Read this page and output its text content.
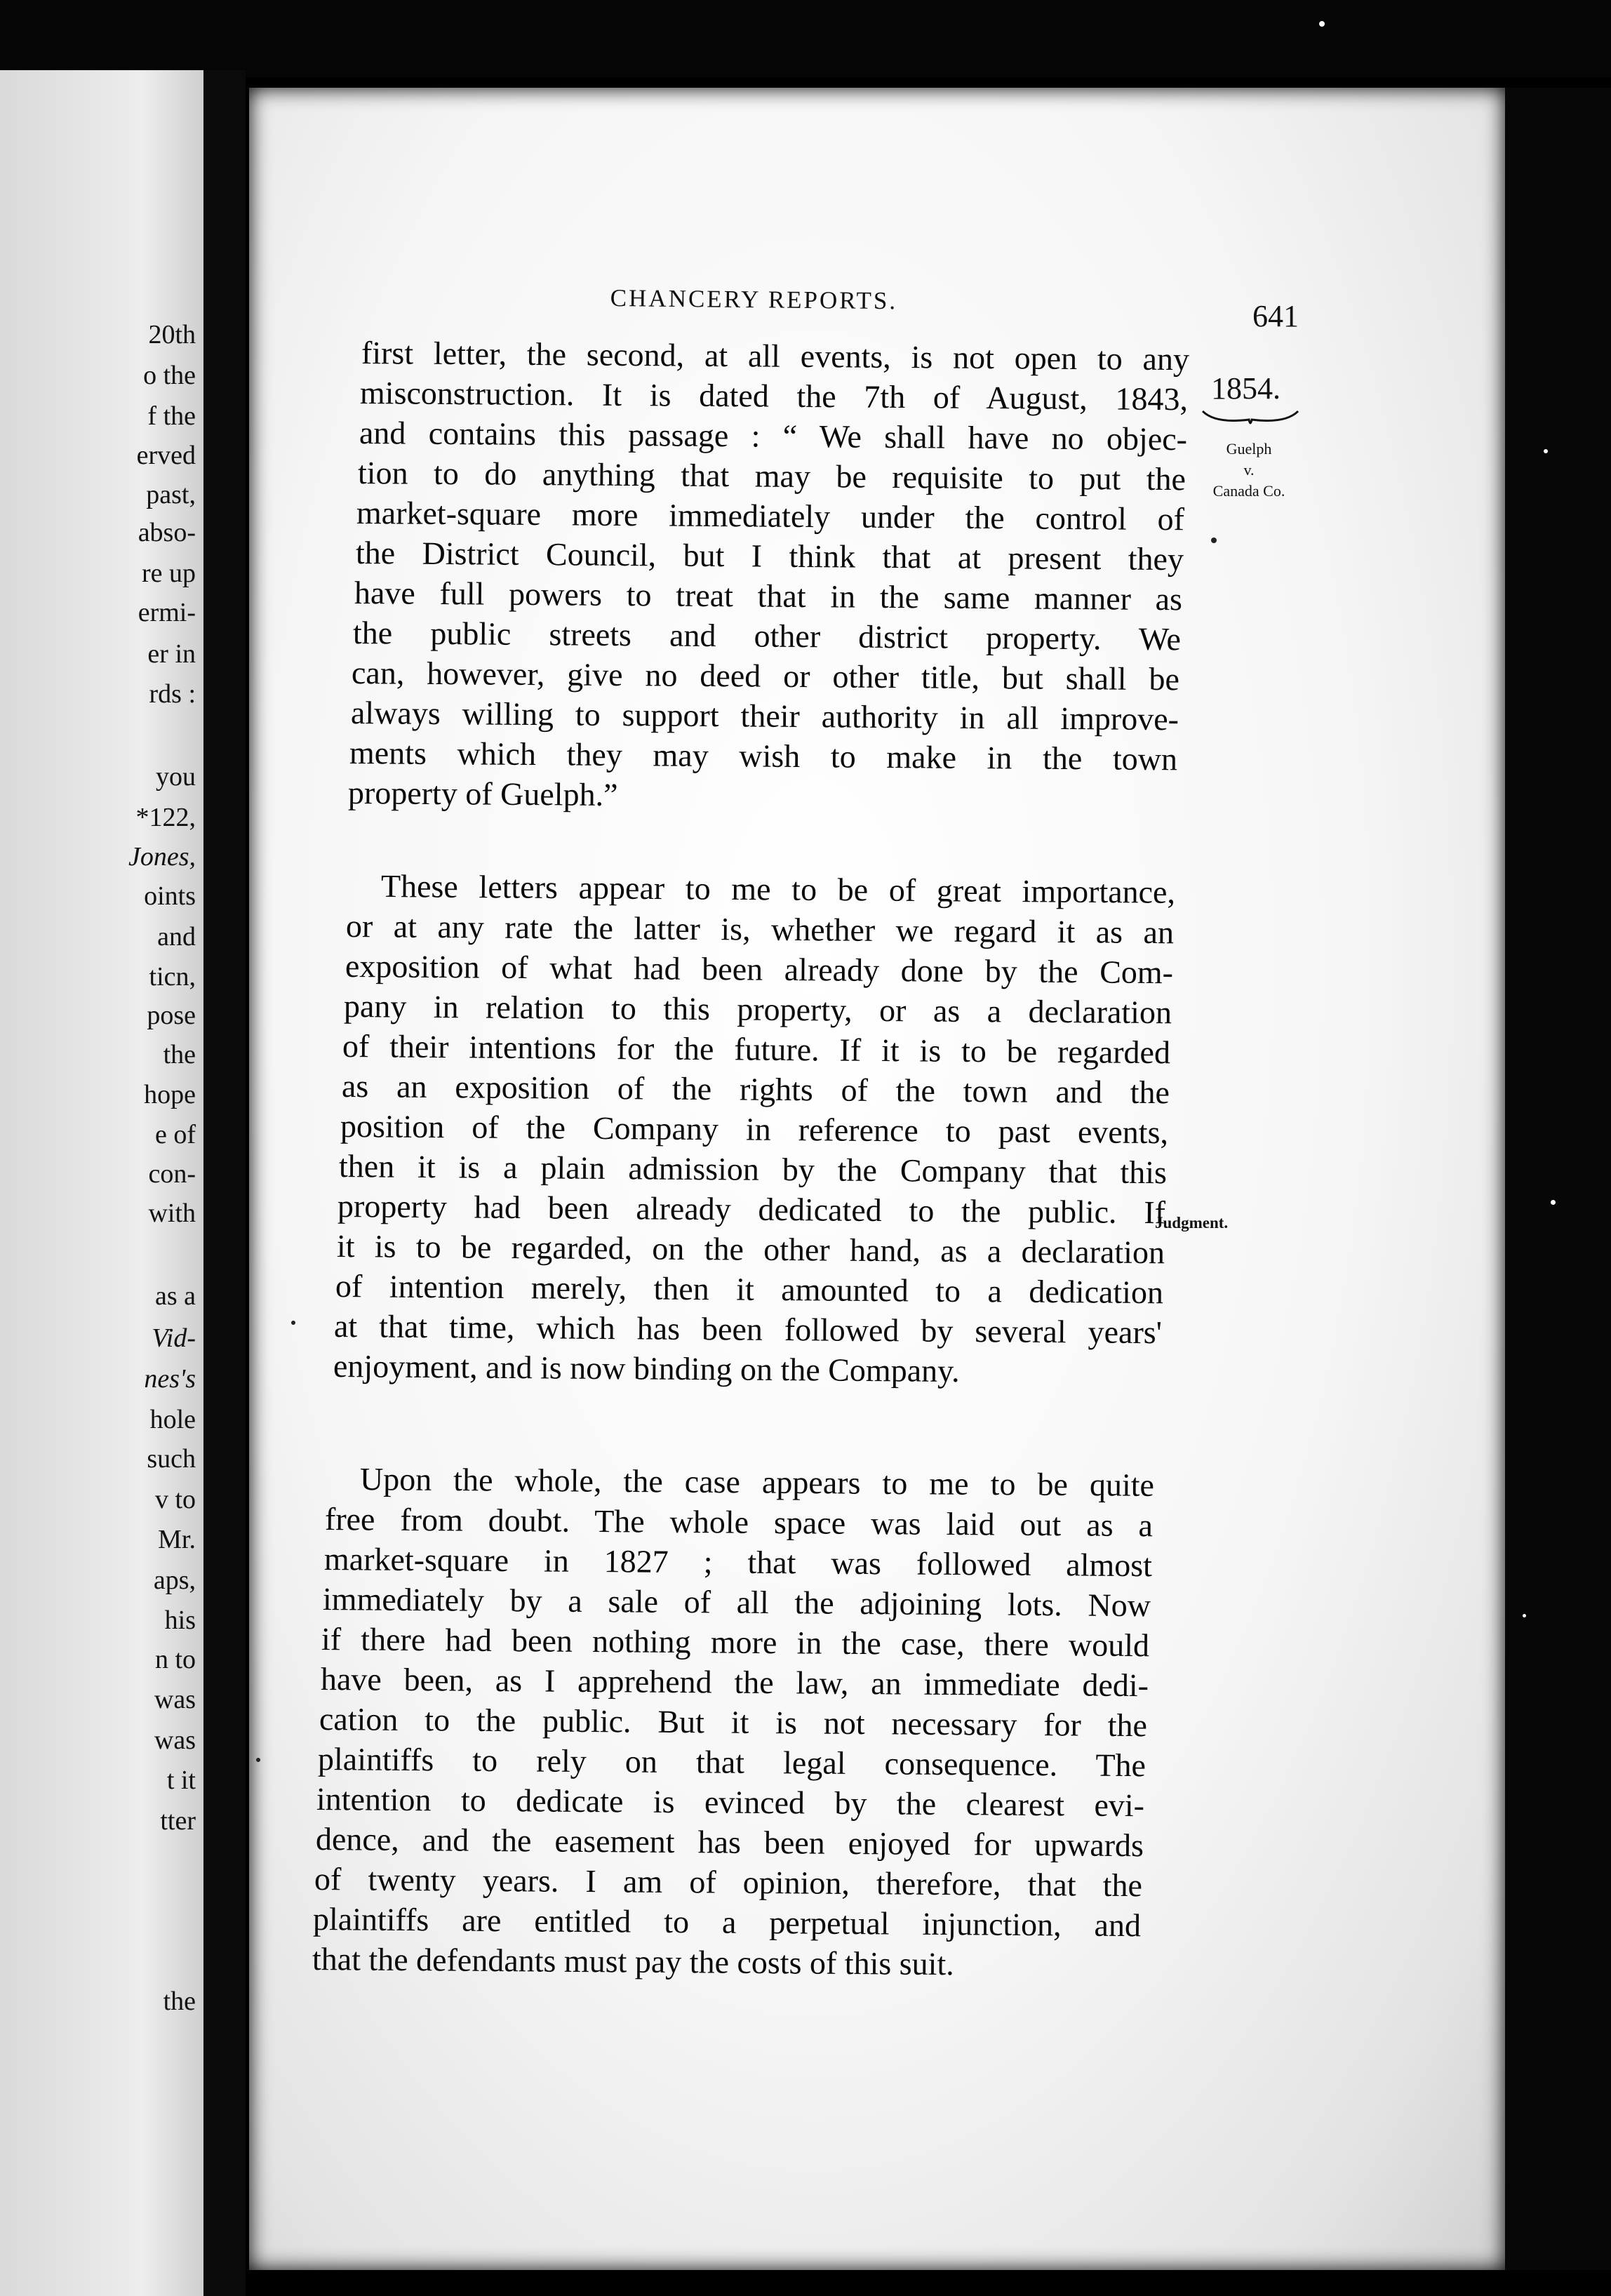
20th
o the
f the
erved
past,
abso-
re up
ermi-
er in
rds :
you
*122,
Jones,
oints
and
ticn,
pose
the
hope
e of
con-
with
as a
Vid-
nes's
hole
such
v to
Mr.
aps,
his
n to
was
was
t it
tter
the
CHANCERY REPORTS.	641
1854.
Guelph
v.
Canada Co.
Judgment.
first letter, the second, at all events, is not open to any
misconstruction. It is dated the 7th of August, 1843,
and contains this passage : “ We shall have no objec-
tion to do anything that may be requisite to put the
market-square more immediately under the control of
the District Council, but I think that at present they
have full powers to treat that in the same manner as
the public streets and other district property. We
can, however, give no deed or other title, but shall be
always willing to support their authority in all improve-
ments which they may wish to make in the town
property of Guelph.”
These letters appear to me to be of great importance,
or at any rate the latter is, whether we regard it as an
exposition of what had been already done by the Com-
pany in relation to this property, or as a declaration
of their intentions for the future. If it is to be regarded
as an exposition of the rights of the town and the
position of the Company in reference to past events,
then it is a plain admission by the Company that this
property had been already dedicated to the public. If
it is to be regarded, on the other hand, as a declaration
of intention merely, then it amounted to a dedication
at that time, which has been followed by several years'
enjoyment, and is now binding on the Company.
Upon the whole, the case appears to me to be quite
free from doubt. The whole space was laid out as a
market-square in 1827 ; that was followed almost
immediately by a sale of all the adjoining lots. Now
if there had been nothing more in the case, there would
have been, as I apprehend the law, an immediate dedi-
cation to the public. But it is not necessary for the
plaintiffs to rely on that legal consequence. The
intention to dedicate is evinced by the clearest evi-
dence, and the easement has been enjoyed for upwards
of twenty years. I am of opinion, therefore, that the
plaintiffs are entitled to a perpetual injunction, and
that the defendants must pay the costs of this suit.
